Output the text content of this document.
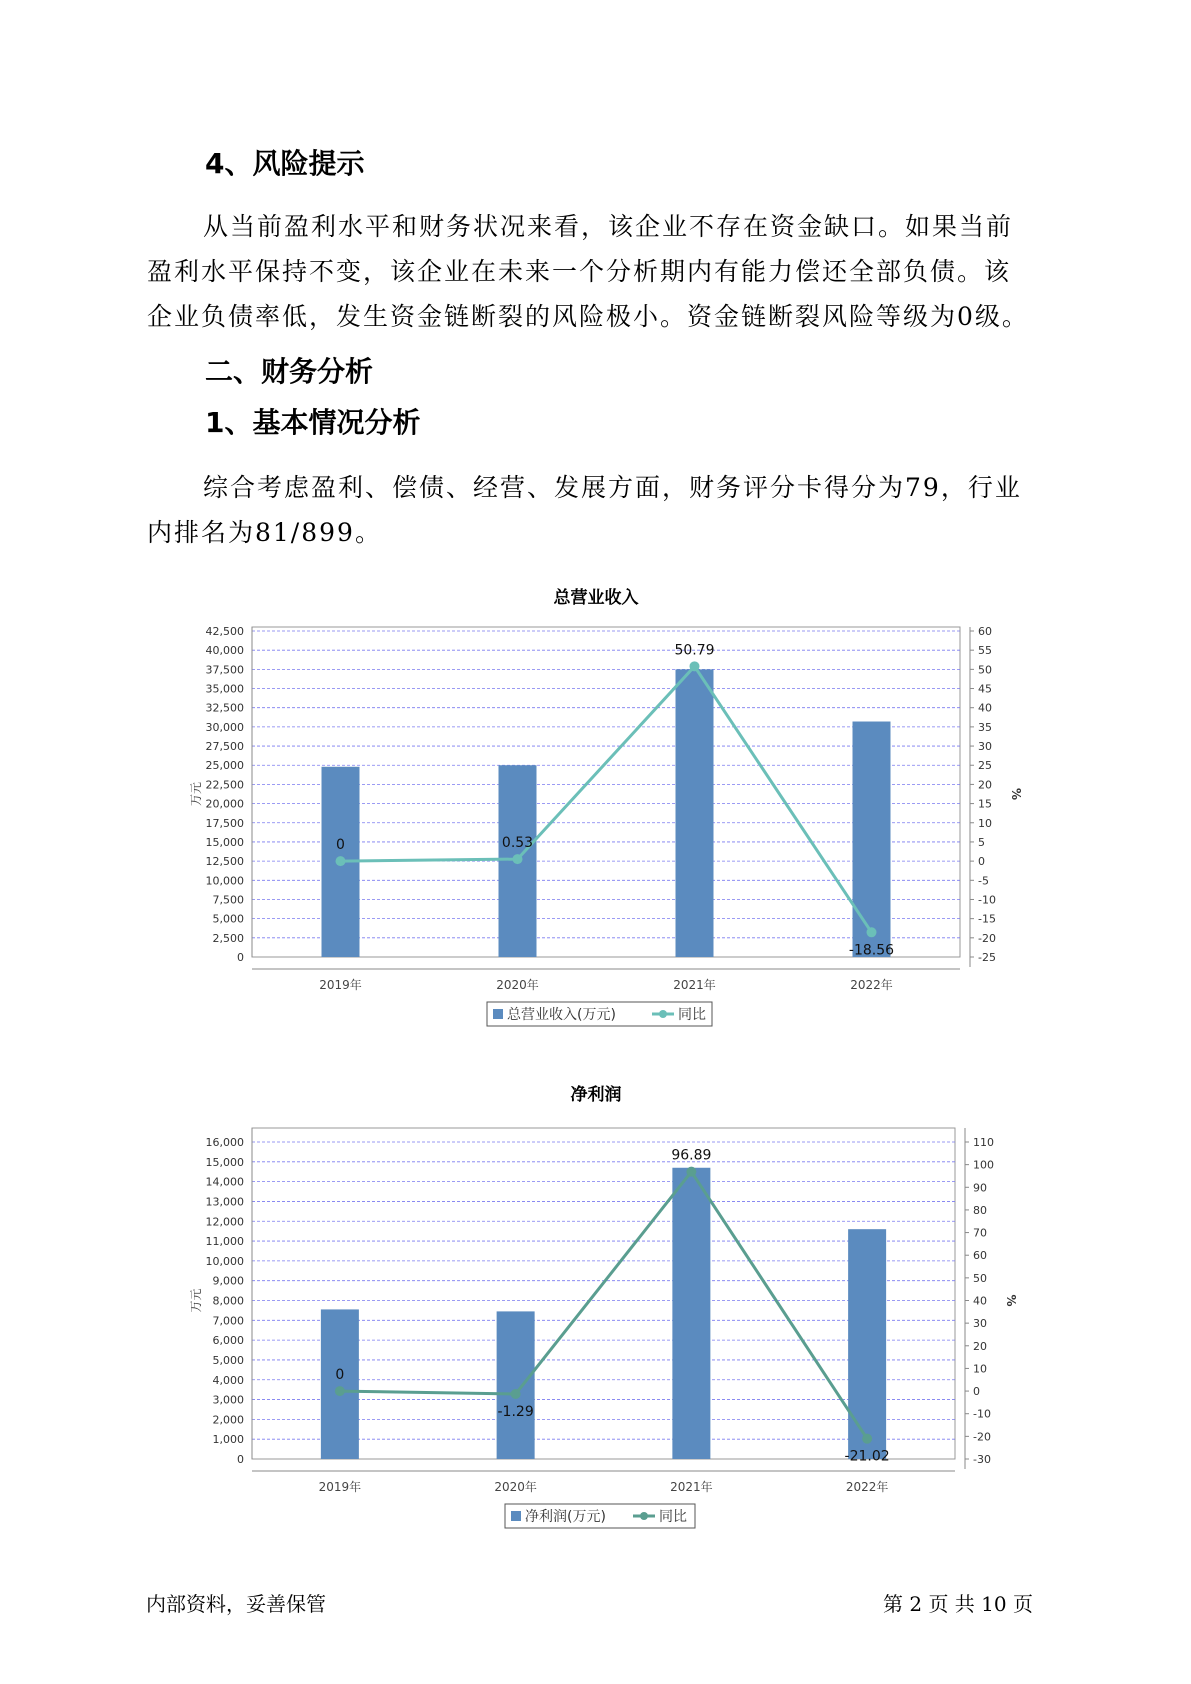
4、风险提示
从当前盈利水平和财务状况来看，该企业不存在资金缺口。如果当前
盈利水平保持不变，该企业在未来一个分析期内有能力偿还全部负债。该
企业负债率低，发生资金链断裂的风险极小。资金链断裂风险等级为0级。
二、财务分析
1、基本情况分析
综合考虑盈利、偿债、经营、发展方面，财务评分卡得分为79，行业
内排名为81/899。
总营业收入
0
2,500
5,000
7,500
10,000
12,500
15,000
17,500
20,000
22,500
25,000
27,500
30,000
32,500
35,000
37,500
40,000
42,500
-25
-20
-15
-10
-5
0
5
10
15
20
25
30
35
40
45
50
55
60
万元	%
2019年	2020年	2021年	2022年
0	0.53
50.79
-18.56
总营业收入(万元)	同比
净利润
0
1,000
2,000
3,000
4,000
5,000
6,000
7,000
8,000
9,000
10,000
11,000
12,000
13,000
14,000
15,000
16,000
-30
-20
-10
0
10
20
30
40
50
60
70
80
90
100
110
万元	%
2019年	2020年	2021年	2022年
0
-1.29
96.89
-21.02
净利润(万元)	同比
内部资料，妥善保管	第 2 页 共 10 页
